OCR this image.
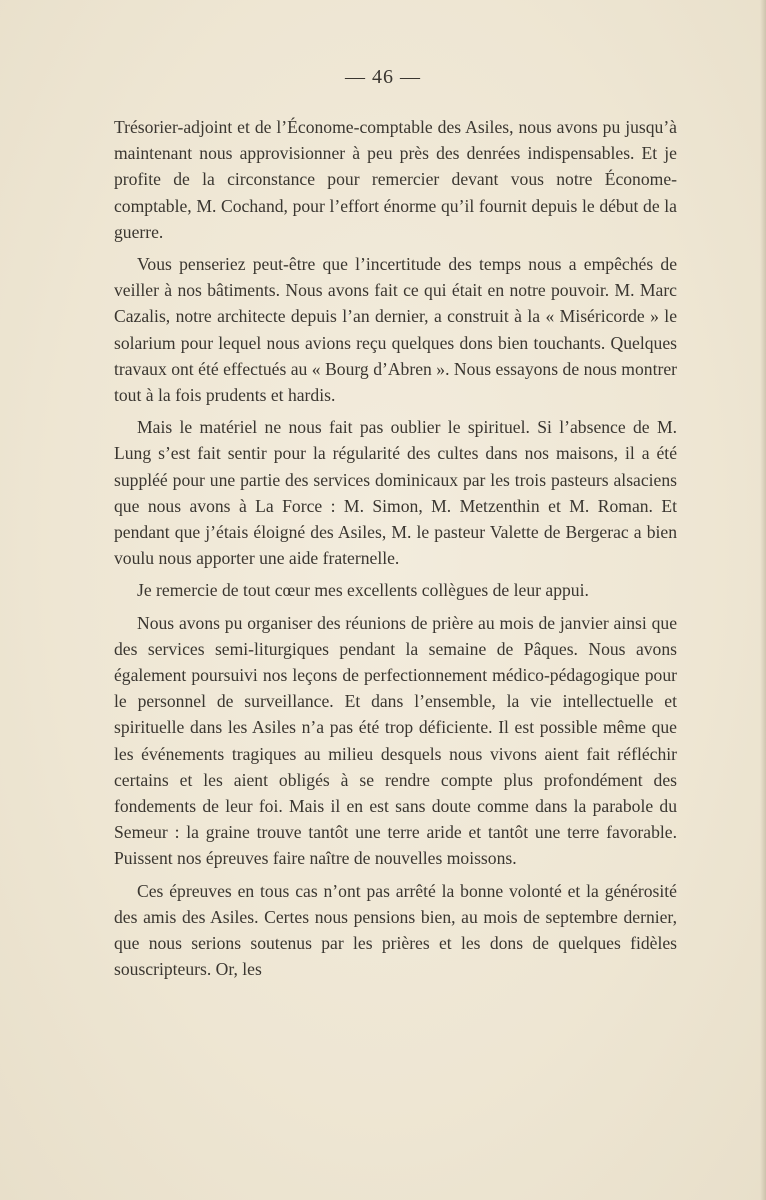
— 46 —

Trésorier-adjoint et de l’Économe-comptable des Asiles, nous avons pu jusqu’à maintenant nous approvisionner à peu près des denrées indispensables. Et je profite de la circonstance pour remercier devant vous notre Économe-comptable, M. Cochand, pour l’effort énorme qu’il fournit depuis le début de la guerre.

Vous penseriez peut-être que l’incertitude des temps nous a empêchés de veiller à nos bâtiments. Nous avons fait ce qui était en notre pouvoir. M. Marc Cazalis, notre architecte depuis l’an dernier, a construit à la « Miséricorde » le solarium pour lequel nous avions reçu quelques dons bien touchants. Quelques travaux ont été effectués au « Bourg d’Abren ». Nous essayons de nous montrer tout à la fois prudents et hardis.

Mais le matériel ne nous fait pas oublier le spirituel. Si l’absence de M. Lung s’est fait sentir pour la régularité des cultes dans nos maisons, il a été suppléé pour une partie des services dominicaux par les trois pasteurs alsaciens que nous avons à La Force : M. Simon, M. Metzenthin et M. Roman. Et pendant que j’étais éloigné des Asiles, M. le pasteur Valette de Bergerac a bien voulu nous apporter une aide fraternelle.

Je remercie de tout cœur mes excellents collègues de leur appui.

Nous avons pu organiser des réunions de prière au mois de janvier ainsi que des services semi-liturgiques pendant la semaine de Pâques. Nous avons également poursuivi nos leçons de perfectionnement médico-pédagogique pour le personnel de surveillance. Et dans l’ensemble, la vie intellectuelle et spirituelle dans les Asiles n’a pas été trop déficiente. Il est possible même que les événements tragiques au milieu desquels nous vivons aient fait réfléchir certains et les aient obligés à se rendre compte plus profondément des fondements de leur foi. Mais il en est sans doute comme dans la parabole du Semeur : la graine trouve tantôt une terre aride et tantôt une terre favorable. Puissent nos épreuves faire naître de nouvelles moissons.

Ces épreuves en tous cas n’ont pas arrêté la bonne volonté et la générosité des amis des Asiles. Certes nous pensions bien, au mois de septembre dernier, que nous serions soutenus par les prières et les dons de quelques fidèles souscripteurs. Or, les
